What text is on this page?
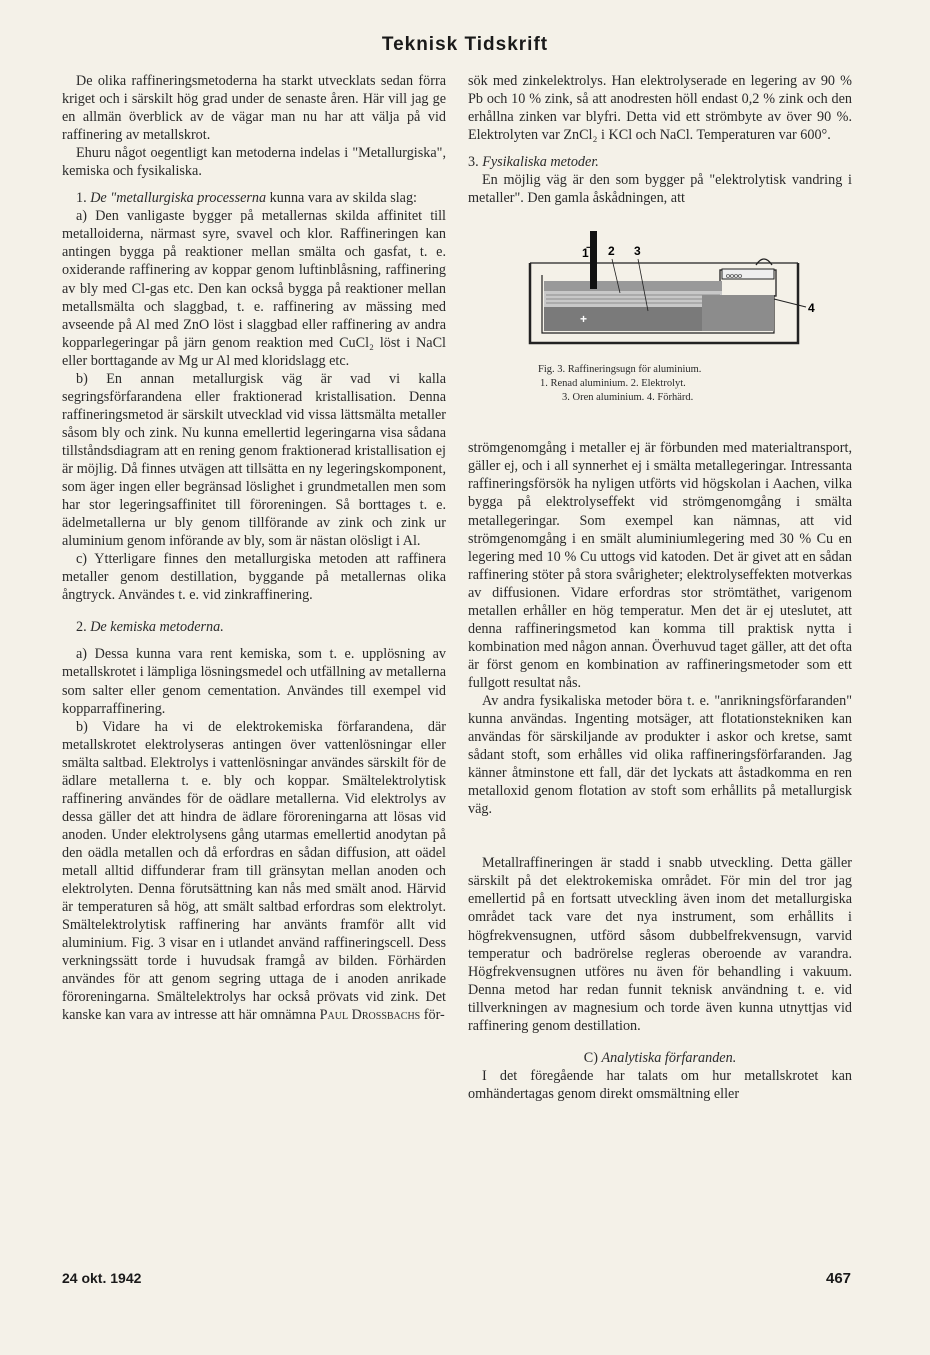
Teknisk Tidskrift

De olika raffineringsmetoderna ha starkt utvecklats sedan förra kriget och i särskilt hög grad under de senaste åren. Här vill jag ge en allmän överblick av de vägar man nu har att välja på vid raffinering av metallskrot.

Ehuru något oegentligt kan metoderna indelas i "Metallurgiska", kemiska och fysikaliska.

1. De "metallurgiska processerna kunna vara av skilda slag:

a) Den vanligaste bygger på metallernas skilda affinitet till metalloiderna, närmast syre, svavel och klor. Raffineringen kan antingen bygga på reaktioner mellan smälta och gasfat, t. e. oxiderande raffinering av koppar genom luftinblåsning, raffinering av bly med Cl-gas etc. Den kan också bygga på reaktioner mellan metallsmälta och slaggbad, t. e. raffinering av mässing med avseende på Al med ZnO löst i slaggbad eller raffinering av andra kopparlegeringar på järn genom reaktion med CuCl₂ löst i NaCl eller borttagande av Mg ur Al med kloridslagg etc.

b) En annan metallurgisk väg är vad vi kalla segringsförfarandena eller fraktionerad kristallisation. Denna raffineringsmetod är särskilt utvecklad vid vissa lättsmälta metaller såsom bly och zink. Nu kunna emellertid legeringarna visa sådana tillståndsdiagram att en rening genom fraktionerad kristallisation ej är möjlig. Då finnes utvägen att tillsätta en ny legeringskomponent, som äger ingen eller begränsad löslighet i grundmetallen men som har stor legeringsaffinitet till föroreningen. Så borttages t. e. ädelmetallerna ur bly genom tillförande av zink och zink ur aluminium genom införande av bly, som är nästan olösligt i Al.

c) Ytterligare finnes den metallurgiska metoden att raffinera metaller genom destillation, byggande på metallernas olika ångtryck. Användes t. e. vid zinkraffinering.

2. De kemiska metoderna.

a) Dessa kunna vara rent kemiska, som t. e. upplösning av metallskrotet i lämpliga lösningsmedel och utfällning av metallerna som salter eller genom cementation. Användes till exempel vid kopparraffinering.

b) Vidare ha vi de elektrokemiska förfarandena, där metallskrotet elektrolyseras antingen över vattenlösningar eller smälta saltbad. Elektrolys i vattenlösningar användes särskilt för de ädlare metallerna t. e. bly och koppar. Smältelektrolytisk raffinering användes för de oädlare metallerna. Vid elektrolys av dessa gäller det att hindra de ädlare föroreningarna att lösas vid anoden. Under elektrolysens gång utarmas emellertid anodytan på den oädla metallen och då erfordras en sådan diffusion, att oädel metall alltid diffunderar fram till gränsytan mellan anoden och elektrolyten. Denna förutsättning kan nås med smält anod. Härvid är temperaturen så hög, att smält saltbad erfordras som elektrolyt. Smältelektrolytisk raffinering har använts framför allt vid aluminium. Fig. 3 visar en i utlandet använd raffineringscell. Dess verkningssätt torde i huvudsak framgå av bilden. Förhärden användes för att genom segring uttaga de i anoden anrikade föroreningarna. Smältelektrolys har också prövats vid zink. Det kanske kan vara av intresse att här omnämna Paul Drossbachs för-

sök med zinkelektrolys. Han elektrolyserade en legering av 90 % Pb och 10 % zink, så att anodresten höll endast 0,2 % zink och den erhållna zinken var blyfri. Detta vid ett strömbyte av över 90 %. Elektrolyten var ZnCl₂ i KCl och NaCl. Temperaturen var 600°.

3. Fysikaliska metoder.

En möjlig väg är den som bygger på "elektrolytisk vandring i metaller". Den gamla åskådningen, att

oooo
−
1 2 3
4
+
Fig. 3. Raffineringsugn för aluminium.
1. Renad aluminium. 2. Elektrolyt.
3. Oren aluminium. 4. Förhärd.

strömgenomgång i metaller ej är förbunden med materialtransport, gäller ej, och i all synnerhet ej i smälta metallegeringar. Intressanta raffineringsförsök ha nyligen utförts vid högskolan i Aachen, vilka bygga på elektrolyseffekt vid strömgenomgång i smälta metallegeringar. Som exempel kan nämnas, att vid strömgenomgång i en smält aluminiumlegering med 30 % Cu en legering med 10 % Cu uttogs vid katoden. Det är givet att en sådan raffinering stöter på stora svårigheter; elektrolyseffekten motverkas av diffusionen. Vidare erfordras stor strömtäthet, varigenom metallen erhåller en hög temperatur. Men det är ej uteslutet, att denna raffineringsmetod kan komma till praktisk nytta i kombination med någon annan. Överhuvud taget gäller, att det ofta är först genom en kombination av raffineringsmetoder som ett fullgott resultat nås.

Av andra fysikaliska metoder böra t. e. "anrikningsförfaranden" kunna användas. Ingenting motsäger, att flotationstekniken kan användas för särskiljande av produkter i askor och kretse, samt sådant stoft, som erhålles vid olika raffineringsförfaranden. Jag känner åtminstone ett fall, där det lyckats att åstadkomma en ren metalloxid genom flotation av stoft som erhållits på metallurgisk väg.

Metallraffineringen är stadd i snabb utveckling. Detta gäller särskilt på det elektrokemiska området. För min del tror jag emellertid på en fortsatt utveckling även inom det metallurgiska området tack vare det nya instrument, som erhållits i högfrekvensugnen, utförd såsom dubbelfrekvensugn, varvid temperatur och badrörelse regleras oberoende av varandra. Högfrekvensugnen utföres nu även för behandling i vakuum. Denna metod har redan funnit teknisk användning t. e. vid tillverkningen av magnesium och torde även kunna utnyttjas vid raffinering genom destillation.

C) Analytiska förfaranden.

I det föregående har talats om hur metallskrotet kan omhändertagas genom direkt omsmältning eller

24 okt. 1942	467
